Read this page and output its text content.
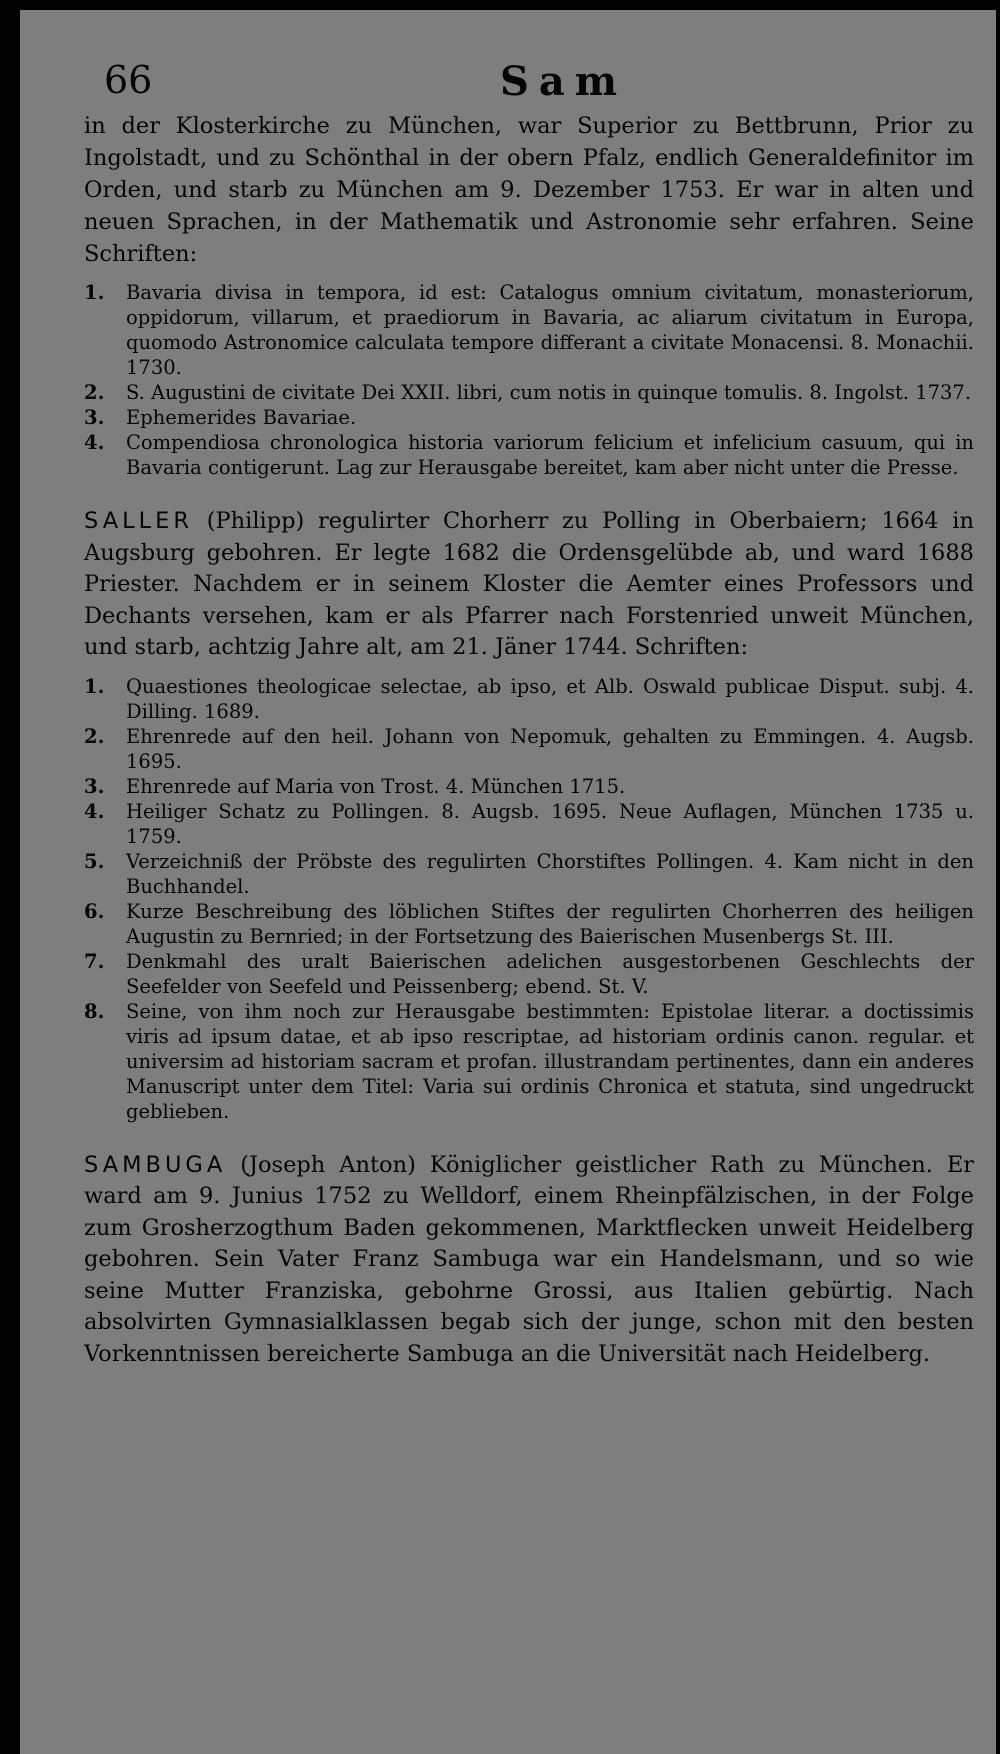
66	Sam

in der Klosterkirche zu München, war Superior zu Bettbrunn, Prior zu Ingolstadt, und zu Schönthal in der obern Pfalz, endlich Generaldefinitor im Orden, und starb zu München am 9. Dezember 1753. Er war in alten und neuen Sprachen, in der Mathematik und Astronomie sehr erfahren. Seine Schriften:

1. Bavaria divisa in tempora, id est: Catalogus omnium civitatum, monasteriorum, oppidorum, villarum, et praediorum in Bavaria, ac aliarum civitatum in Europa, quomodo Astronomice calculata tempore differant a civitate Monacensi. 8. Monachii. 1730.
2. S. Augustini de civitate Dei XXII. libri, cum notis in quinque tomulis. 8. Ingolst. 1737.
3. Ephemerides Bavariae.
4. Compendiosa chronologica historia variorum felicium et infelicium casuum, qui in Bavaria contigerunt. Lag zur Herausgabe bereitet, kam aber nicht unter die Presse.

SALLER (Philipp) regulirter Chorherr zu Polling in Oberbaiern; 1664 in Augsburg gebohren. Er legte 1682 die Ordensgelübde ab, und ward 1688 Priester. Nachdem er in seinem Kloster die Aemter eines Professors und Dechants versehen, kam er als Pfarrer nach Forstenried unweit München, und starb, achtzig Jahre alt, am 21. Jäner 1744. Schriften:

1. Quaestiones theologicae selectae, ab ipso, et Alb. Oswald publicae Disput. subj. 4. Dilling. 1689.
2. Ehrenrede auf den heil. Johann von Nepomuk, gehalten zu Emmingen. 4. Augsb. 1695.
3. Ehrenrede auf Maria von Trost. 4. München 1715.
4. Heiliger Schatz zu Pollingen. 8. Augsb. 1695. Neue Auflagen, München 1735 u. 1759.
5. Verzeichniß der Pröbste des regulirten Chorstiftes Pollingen. 4. Kam nicht in den Buchhandel.
6. Kurze Beschreibung des löblichen Stiftes der regulirten Chorherren des heiligen Augustin zu Bernried; in der Fortsetzung des Baierischen Musenbergs St. III.
7. Denkmahl des uralt Baierischen adelichen ausgestorbenen Geschlechts der Seefelder von Seefeld und Peissenberg; ebend. St. V.
8. Seine, von ihm noch zur Herausgabe bestimmten: Epistolae literar. a doctissimis viris ad ipsum datae, et ab ipso rescriptae, ad historiam ordinis canon. regular. et universim ad historiam sacram et profan. illustrandam pertinentes, dann ein anderes Manuscript unter dem Titel: Varia sui ordinis Chronica et statuta, sind ungedruckt geblieben.

SAMBUGA (Joseph Anton) Königlicher geistlicher Rath zu München. Er ward am 9. Junius 1752 zu Welldorf, einem Rheinpfälzischen, in der Folge zum Grosherzogthum Baden gekommenen, Marktflecken unweit Heidelberg gebohren. Sein Vater Franz Sambuga war ein Handelsmann, und so wie seine Mutter Franziska, gebohrne Grossi, aus Italien gebürtig. Nach absolvirten Gymnasialklassen begab sich der junge, schon mit den besten Vorkenntnissen bereicherte Sambuga an die Universität nach Heidelberg.
